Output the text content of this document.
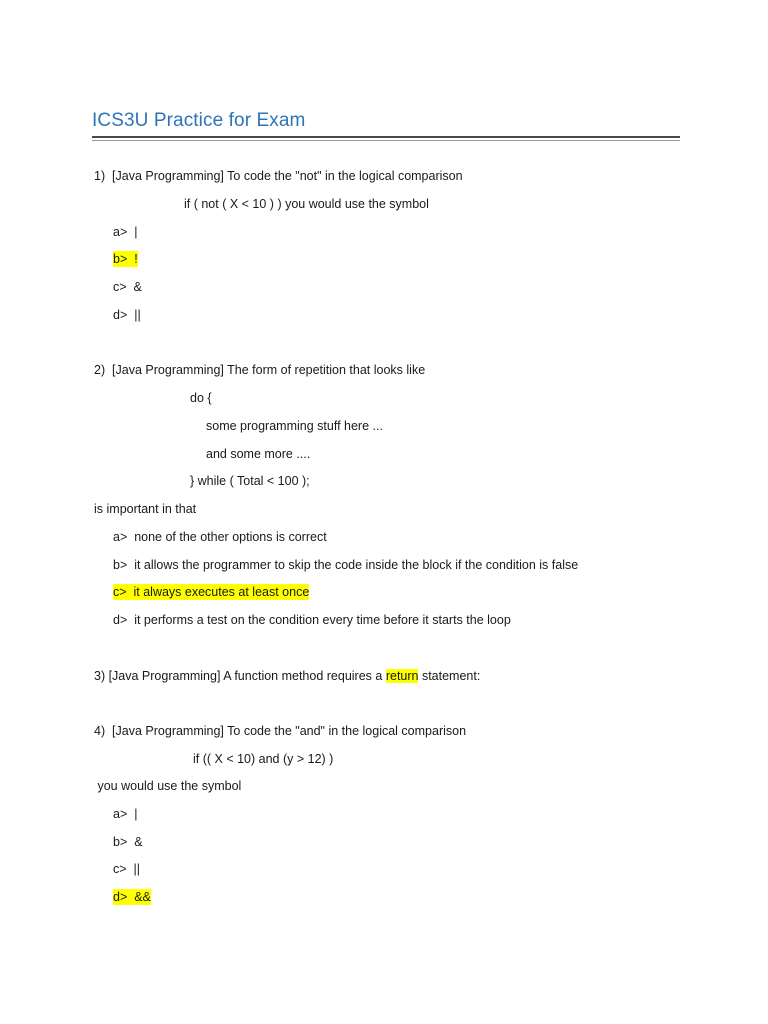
ICS3U Practice for Exam
1)  [Java Programming] To code the "not" in the logical comparison
if ( not ( X < 10 ) ) you would use the symbol
a>  |
b>  !
c>  &
d>  ||
2)  [Java Programming] The form of repetition that looks like
do {
some programming stuff here ...
and some more ....
} while ( Total < 100 );
is important in that
a>  none of the other options is correct
b>  it allows the programmer to skip the code inside the block if the condition is false
c>  it always executes at least once
d>  it performs a test on the condition every time before it starts the loop
3) [Java Programming] A function method requires a return statement:
4)  [Java Programming] To code the "and" in the logical comparison
if (( X < 10) and (y > 12) )
you would use the symbol
a>  |
b>  &
c>  ||
d>  &&
